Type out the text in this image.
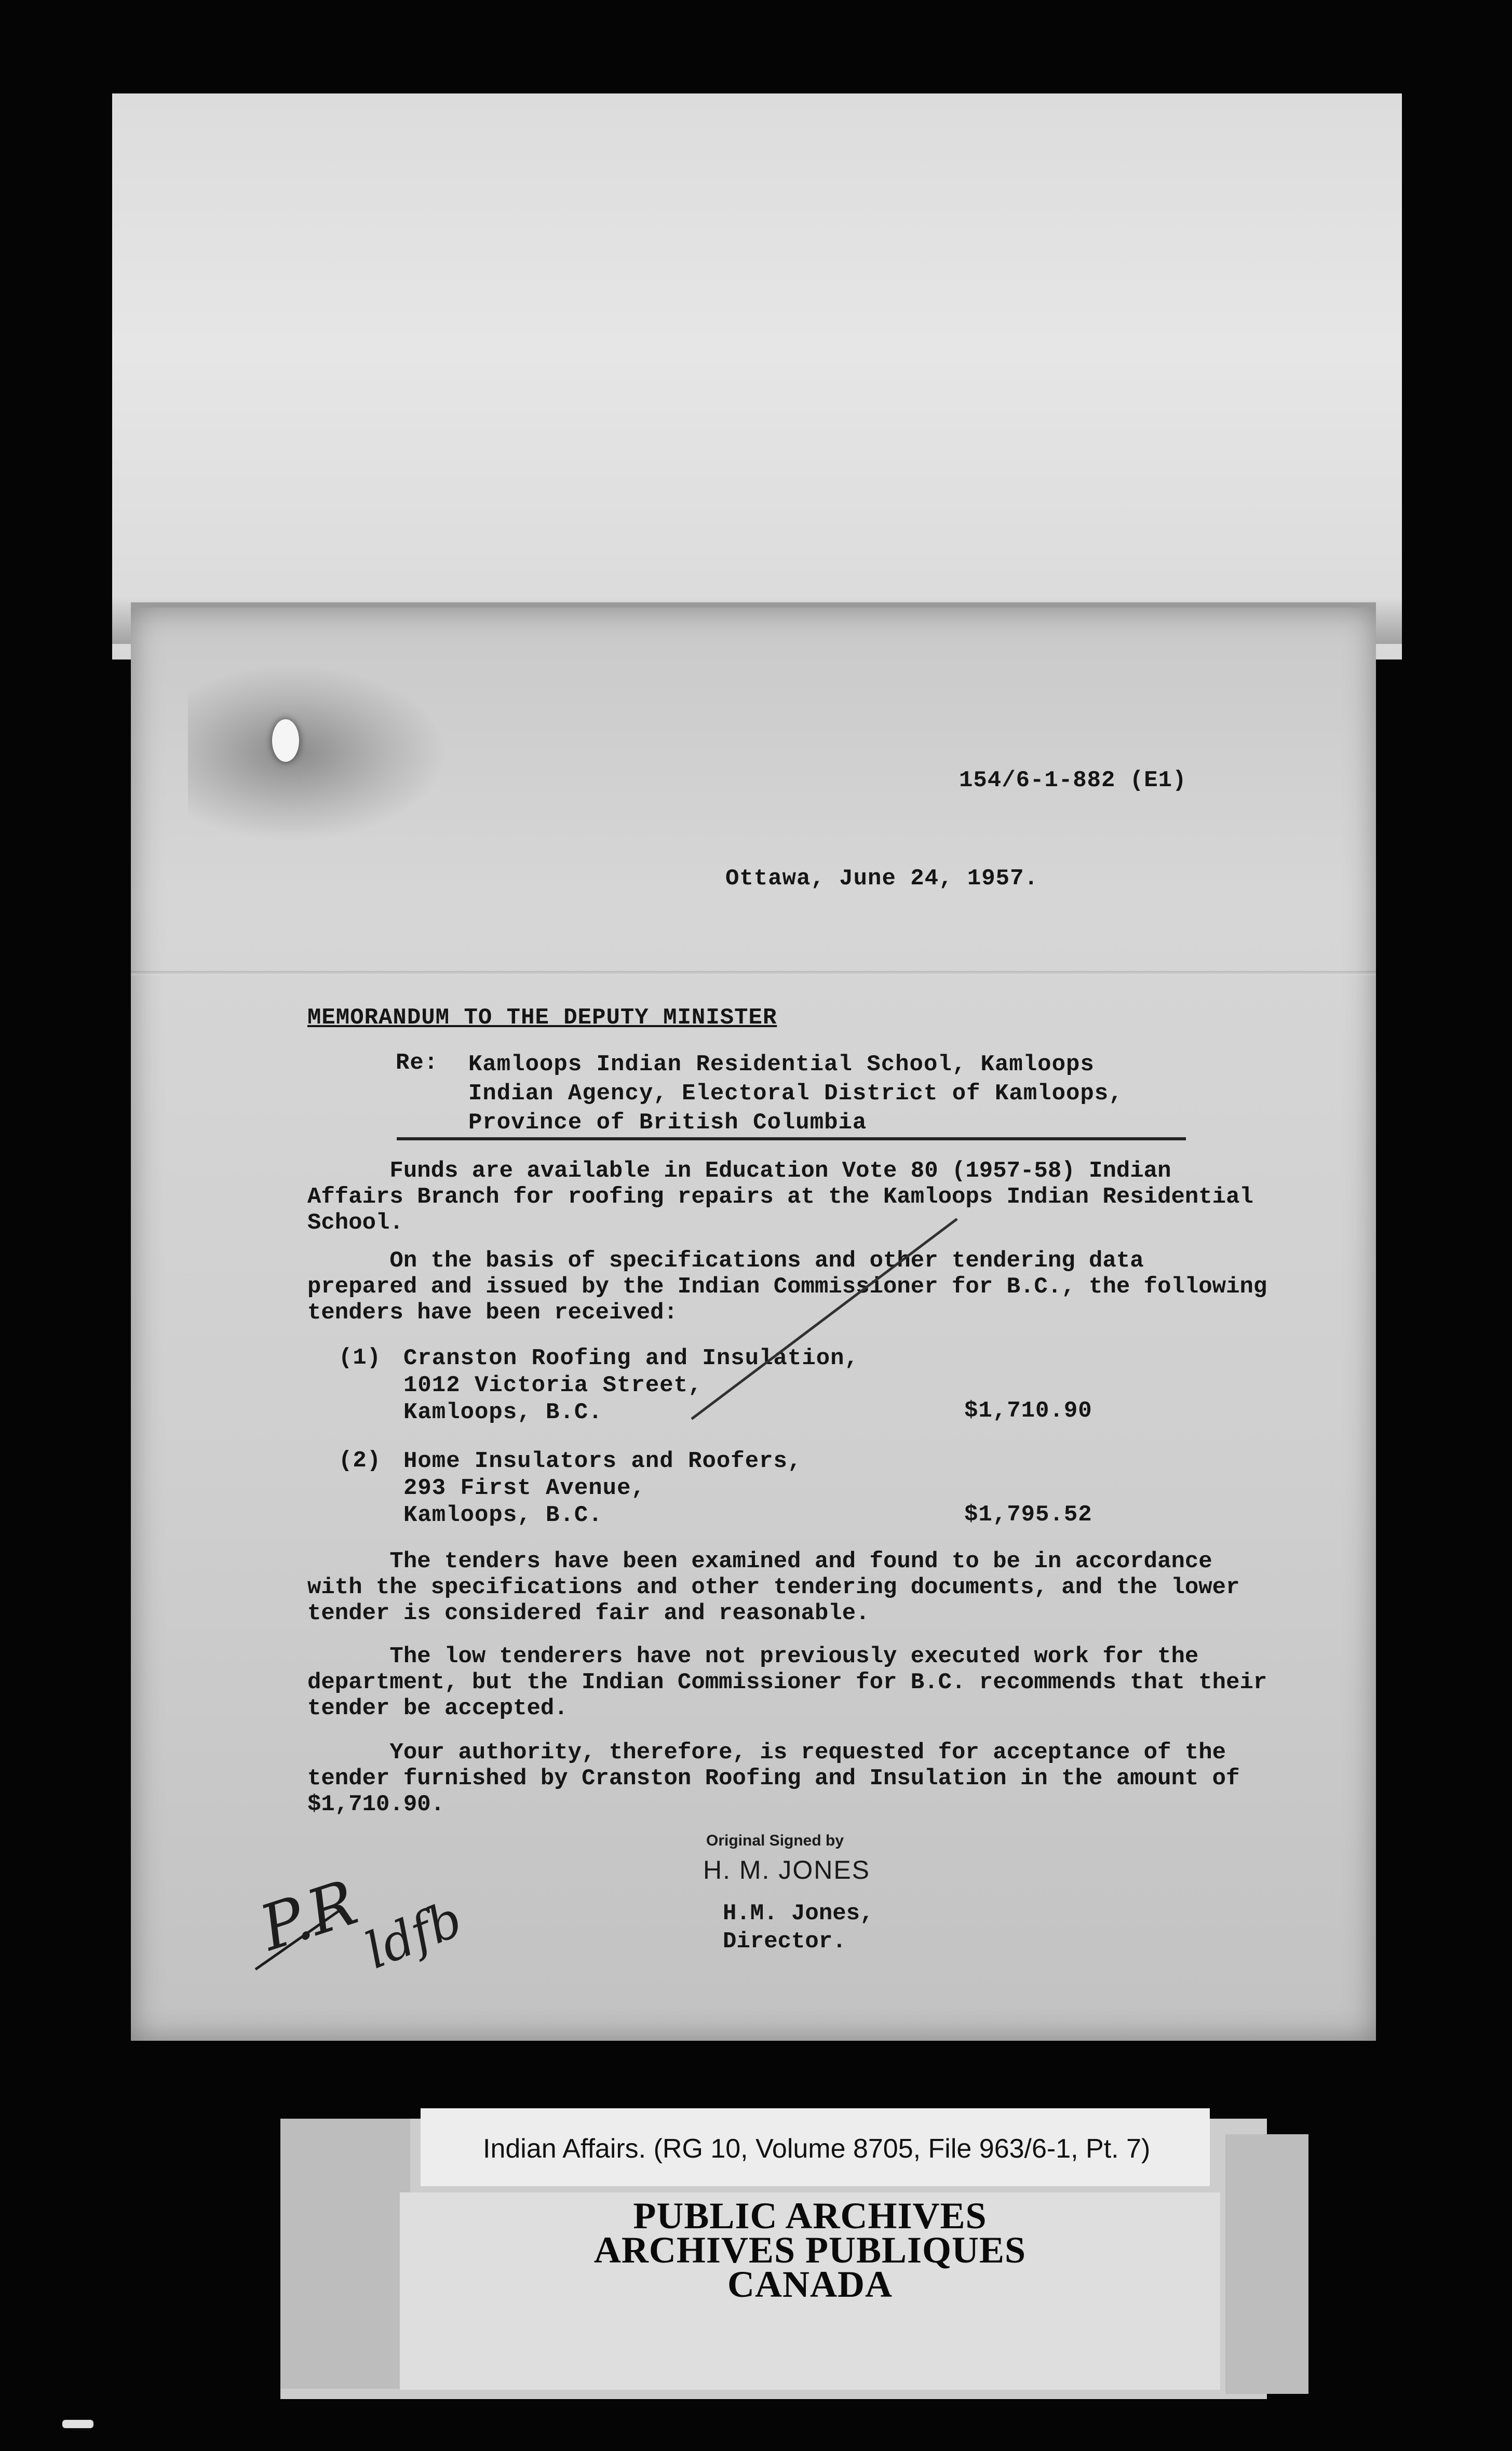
154/6-1-882 (E1)
Ottawa, June 24, 1957.
MEMORANDUM TO THE DEPUTY MINISTER
Re: Kamloops Indian Residential School, Kamloops
Indian Agency, Electoral District of Kamloops,
Province of British Columbia
Funds are available in Education Vote 80 (1957-58) Indian
Affairs Branch for roofing repairs at the Kamloops Indian Residential
School.
On the basis of specifications and other tendering data
prepared and issued by the Indian Commissioner for B.C., the following
tenders have been received:
(1) Cranston Roofing and Insulation,
1012 Victoria Street,
Kamloops, B.C.	$1,710.90
(2) Home Insulators and Roofers,
293 First Avenue,
Kamloops, B.C.	$1,795.52
The tenders have been examined and found to be in accordance
with the specifications and other tendering documents, and the lower
tender is considered fair and reasonable.
The low tenderers have not previously executed work for the
department, but the Indian Commissioner for B.C. recommends that their
tender be accepted.
Your authority, therefore, is requested for acceptance of the
tender furnished by Cranston Roofing and Insulation in the amount of
$1,710.90.
Original Signed by
H. M. JONES
H.M. Jones,
Director.
P.R
ldfb
Indian Affairs. (RG 10, Volume 8705, File 963/6-1, Pt. 7)
PUBLIC ARCHIVES
ARCHIVES PUBLIQUES
CANADA
